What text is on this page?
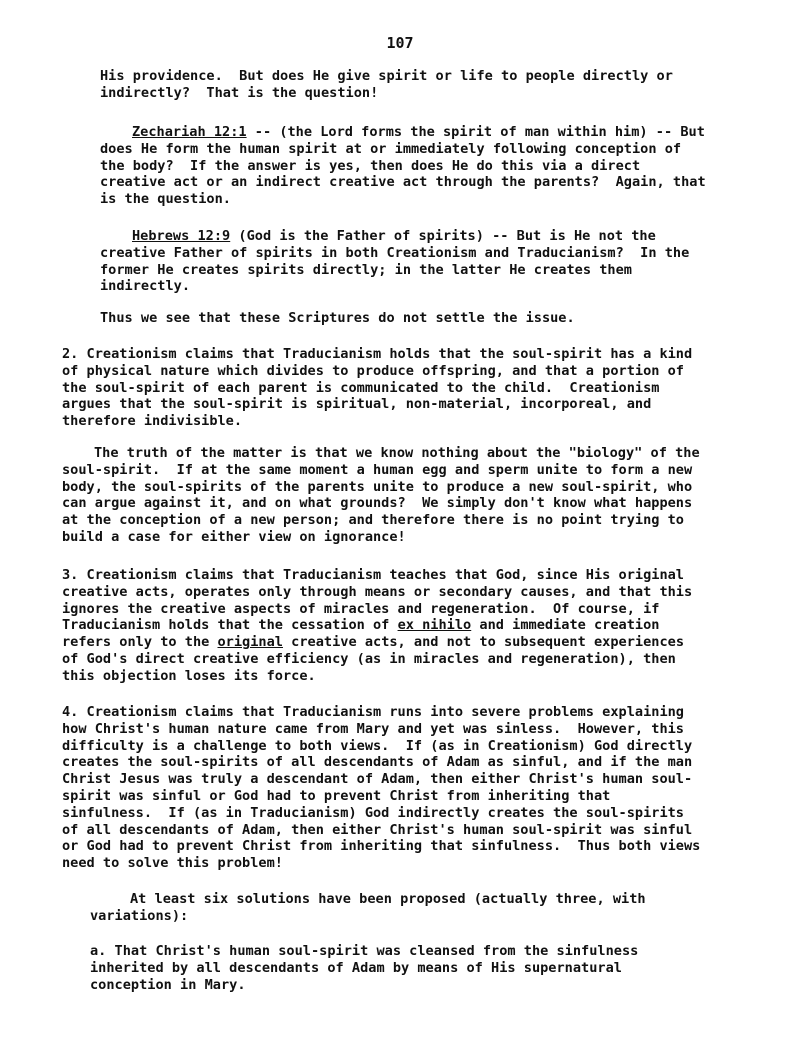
107
His providence.  But does He give spirit or life to people directly or
indirectly?  That is the question!
Zechariah 12:1 -- (the Lord forms the spirit of man within him) -- But
does He form the human spirit at or immediately following conception of
the body?  If the answer is yes, then does He do this via a direct
creative act or an indirect creative act through the parents?  Again, that
is the question.
Hebrews 12:9 (God is the Father of spirits) -- But is He not the
creative Father of spirits in both Creationism and Traducianism?  In the
former He creates spirits directly; in the latter He creates them
indirectly.
Thus we see that these Scriptures do not settle the issue.
2. Creationism claims that Traducianism holds that the soul-spirit has a kind
of physical nature which divides to produce offspring, and that a portion of
the soul-spirit of each parent is communicated to the child.  Creationism
argues that the soul-spirit is spiritual, non-material, incorporeal, and
therefore indivisible.
The truth of the matter is that we know nothing about the "biology" of the
soul-spirit.  If at the same moment a human egg and sperm unite to form a new
body, the soul-spirits of the parents unite to produce a new soul-spirit, who
can argue against it, and on what grounds?  We simply don't know what happens
at the conception of a new person; and therefore there is no point trying to
build a case for either view on ignorance!
3. Creationism claims that Traducianism teaches that God, since His original
creative acts, operates only through means or secondary causes, and that this
ignores the creative aspects of miracles and regeneration.  Of course, if
Traducianism holds that the cessation of ex nihilo and immediate creation
refers only to the original creative acts, and not to subsequent experiences
of God's direct creative efficiency (as in miracles and regeneration), then
this objection loses its force.
4. Creationism claims that Traducianism runs into severe problems explaining
how Christ's human nature came from Mary and yet was sinless.  However, this
difficulty is a challenge to both views.  If (as in Creationism) God directly
creates the soul-spirits of all descendants of Adam as sinful, and if the man
Christ Jesus was truly a descendant of Adam, then either Christ's human soul-
spirit was sinful or God had to prevent Christ from inheriting that
sinfulness.  If (as in Traducianism) God indirectly creates the soul-spirits
of all descendants of Adam, then either Christ's human soul-spirit was sinful
or God had to prevent Christ from inheriting that sinfulness.  Thus both views
need to solve this problem!
At least six solutions have been proposed (actually three, with
variations):
a. That Christ's human soul-spirit was cleansed from the sinfulness
inherited by all descendants of Adam by means of His supernatural
conception in Mary.
